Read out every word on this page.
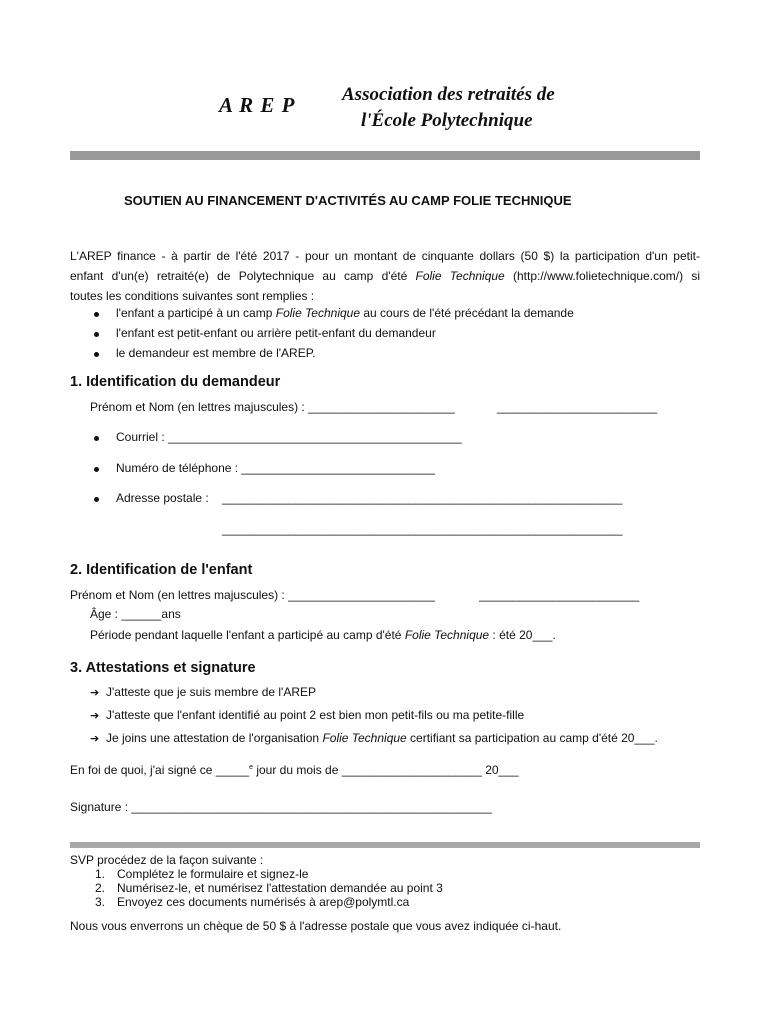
A R E P Association des retraités de
l'École Polytechnique
SOUTIEN AU FINANCEMENT D'ACTIVITÉS AU CAMP FOLIE TECHNIQUE
L'AREP finance - à partir de l'été 2017 - pour un montant de cinquante dollars (50 $) la participation d'un petit-
enfant d'un(e) retraité(e) de Polytechnique au camp d'été Folie Technique (http://www.folietechnique.com/) si
toutes les conditions suivantes sont remplies :
l'enfant a participé à un camp Folie Technique au cours de l'été précédant la demande
l'enfant est petit-enfant ou arrière petit-enfant du demandeur
le demandeur est membre de l'AREP.
1. Identification du demandeur
Prénom et Nom (en lettres majuscules) : ______________________	________________________
Courriel : ____________________________________________
Numéro de téléphone : _____________________________
Adresse postale : ____________________________________________________________
____________________________________________________________
2. Identification de l'enfant
Prénom et Nom (en lettres majuscules) : ______________________	________________________
Âge : ______ans
Période pendant laquelle l'enfant a participé au camp d'été Folie Technique : été 20___.
3. Attestations et signature
➔ J'atteste que je suis membre de l'AREP
➔ J'atteste que l'enfant identifié au point 2 est bien mon petit-fils ou ma petite-fille
➔ Je joins une attestation de l'organisation Folie Technique certifiant sa participation au camp d'été 20___.
En foi de quoi, j'ai signé ce _____$^e$ jour du mois de _____________________ 20___
Signature : ______________________________________________________
SVP procédez de la façon suivante :
1. Complétez le formulaire et signez-le
2. Numérisez-le, et numérisez l'attestation demandée au point 3
3. Envoyez ces documents numérisés à arep@polymtl.ca
Nous vous enverrons un chèque de 50 $ à l'adresse postale que vous avez indiquée ci-haut.
